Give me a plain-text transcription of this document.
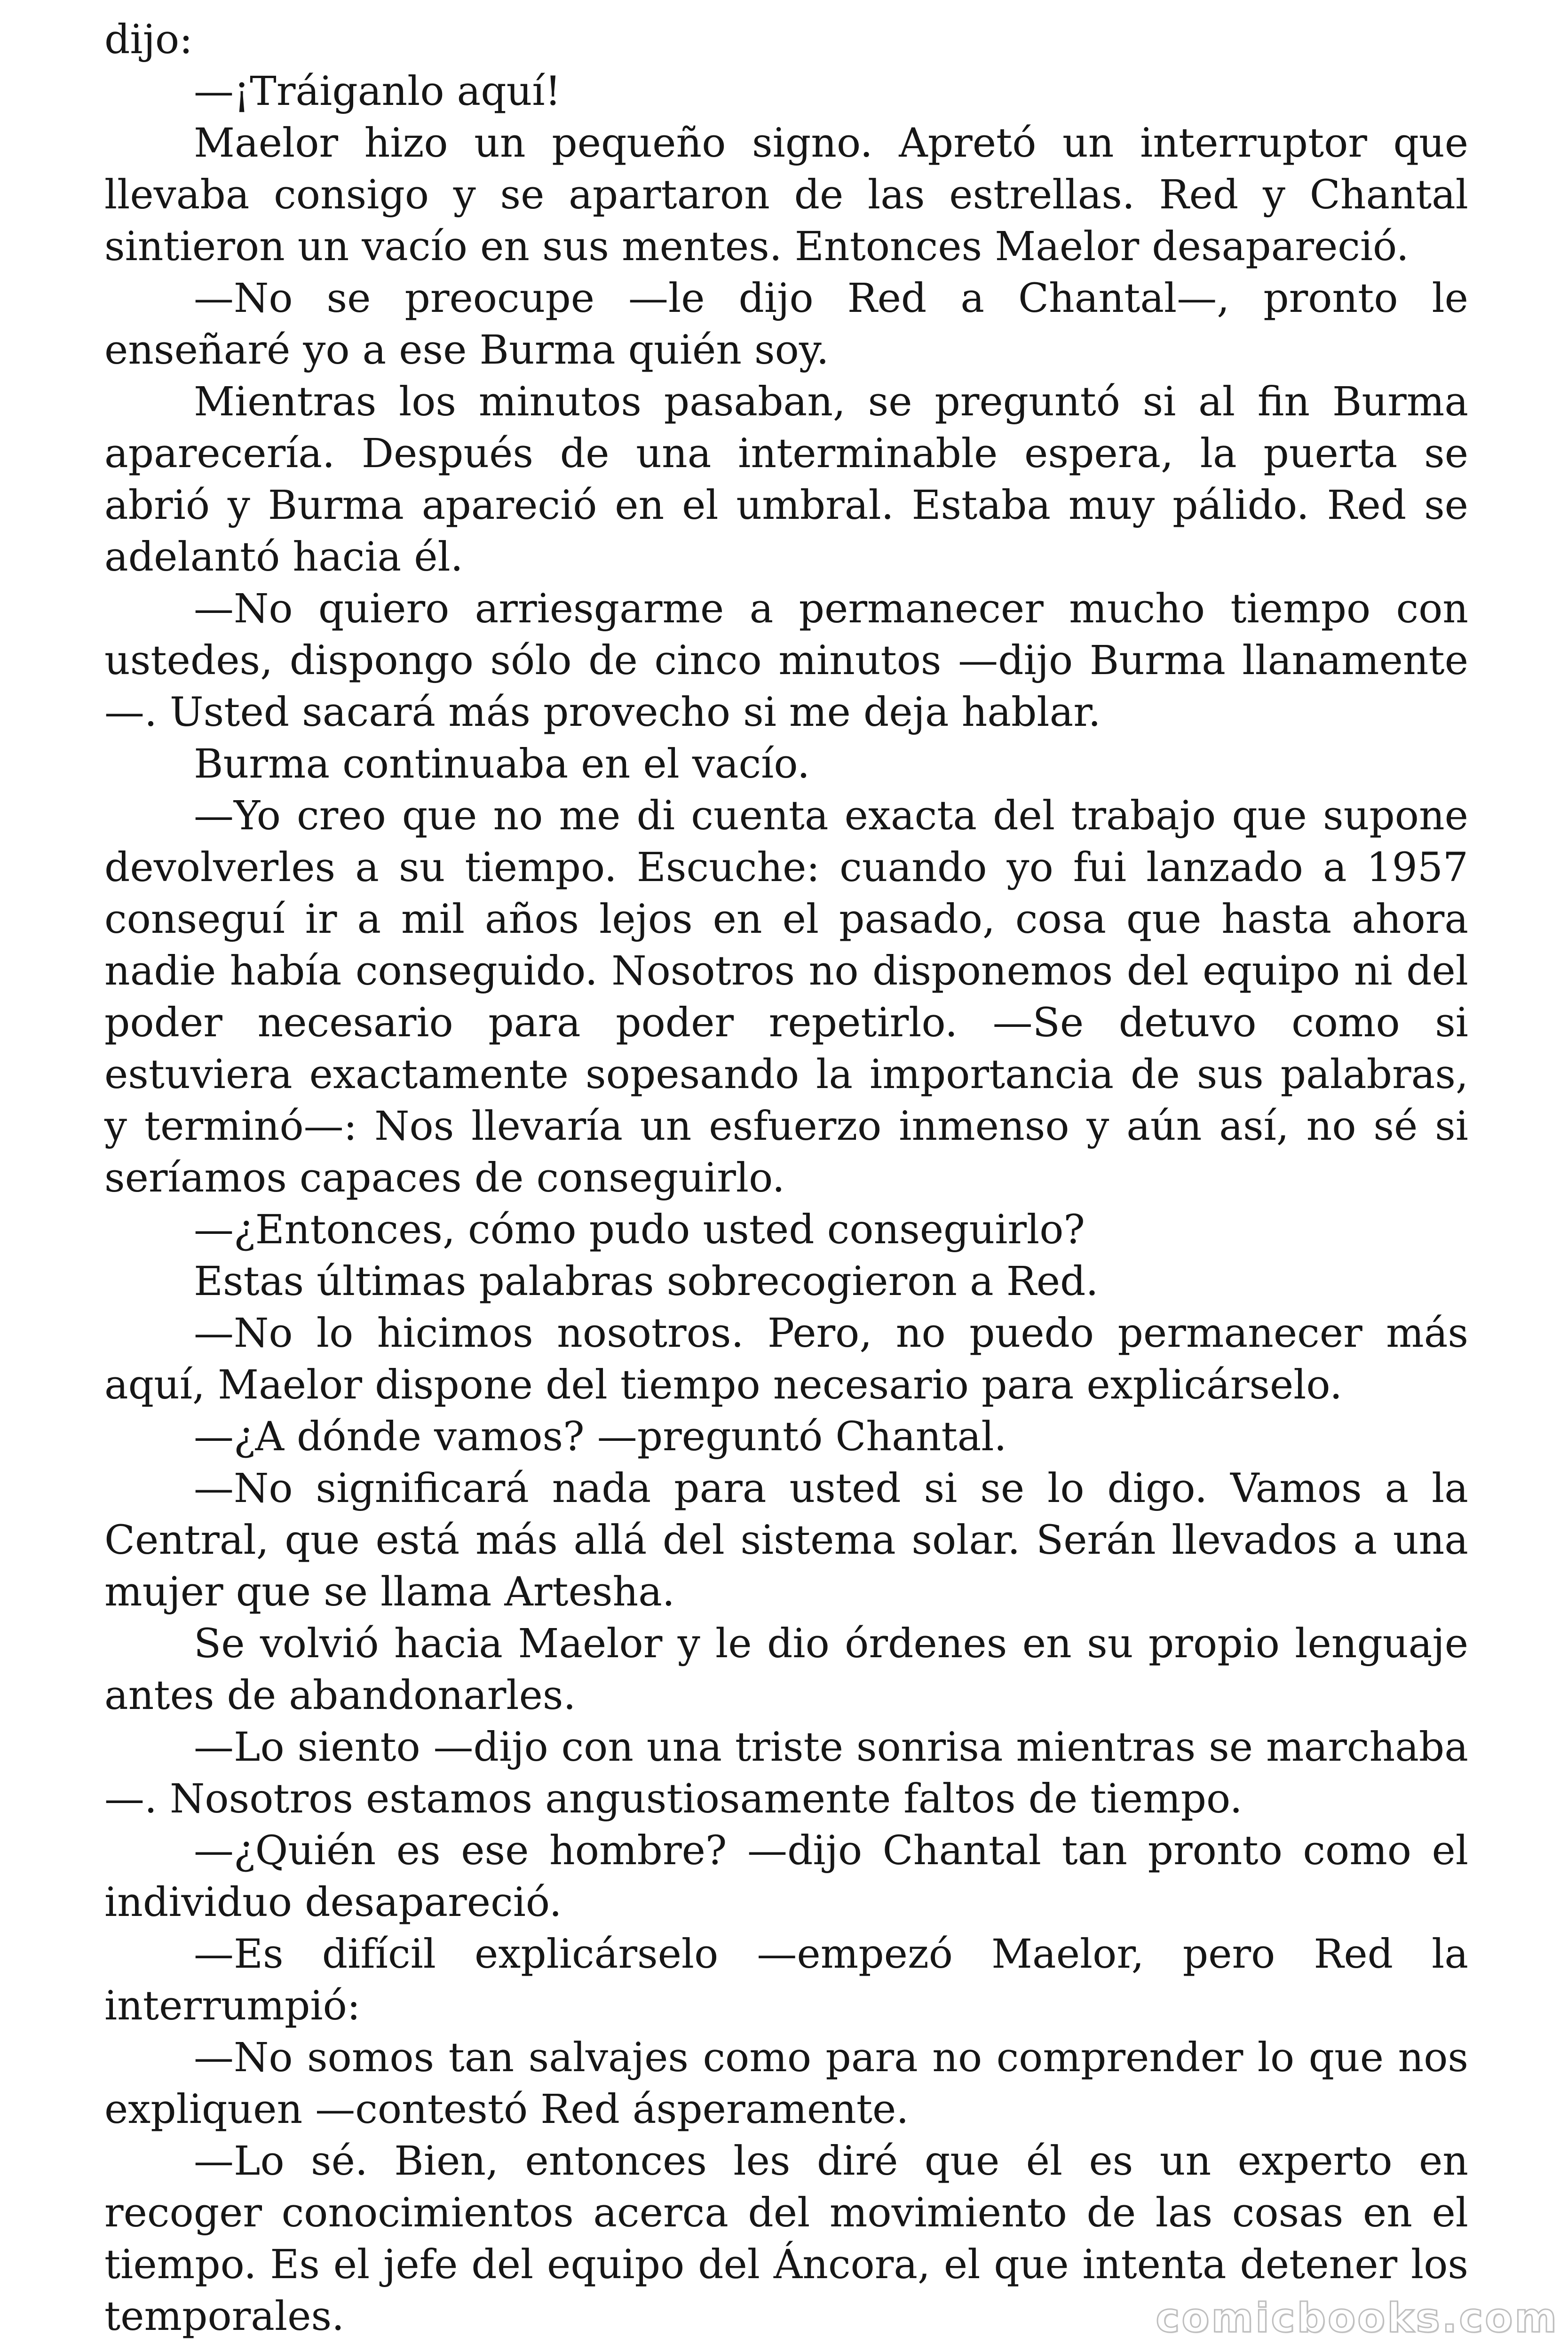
dijo:

—¡Tráiganlo aquí!

Maelor hizo un pequeño signo. Apretó un interruptor que llevaba consigo y se apartaron de las estrellas. Red y Chantal sintieron un vacío en sus mentes. Entonces Maelor desapareció.

—No se preocupe —le dijo Red a Chantal—, pronto le enseñaré yo a ese Burma quién soy.

Mientras los minutos pasaban, se preguntó si al fin Burma aparecería. Después de una interminable espera, la puerta se abrió y Burma apareció en el umbral. Estaba muy pálido. Red se adelantó hacia él.

—No quiero arriesgarme a permanecer mucho tiempo con ustedes, dispongo sólo de cinco minutos —dijo Burma llanamente—. Usted sacará más provecho si me deja hablar.

Burma continuaba en el vacío.

—Yo creo que no me di cuenta exacta del trabajo que supone devolverles a su tiempo. Escuche: cuando yo fui lanzado a 1957 conseguí ir a mil años lejos en el pasado, cosa que hasta ahora nadie había conseguido. Nosotros no disponemos del equipo ni del poder necesario para poder repetirlo. —Se detuvo como si estuviera exactamente sopesando la importancia de sus palabras, y terminó—: Nos llevaría un esfuerzo inmenso y aún así, no sé si seríamos capaces de conseguirlo.

—¿Entonces, cómo pudo usted conseguirlo?

Estas últimas palabras sobrecogieron a Red.

—No lo hicimos nosotros. Pero, no puedo permanecer más aquí, Maelor dispone del tiempo necesario para explicárselo.

—¿A dónde vamos? —preguntó Chantal.

—No significará nada para usted si se lo digo. Vamos a la Central, que está más allá del sistema solar. Serán llevados a una mujer que se llama Artesha.

Se volvió hacia Maelor y le dio órdenes en su propio lenguaje antes de abandonarles.

—Lo siento —dijo con una triste sonrisa mientras se marchaba—. Nosotros estamos angustiosamente faltos de tiempo.

—¿Quién es ese hombre? —dijo Chantal tan pronto como el individuo desapareció.

—Es difícil explicárselo —empezó Maelor, pero Red la interrumpió:

—No somos tan salvajes como para no comprender lo que nos expliquen —contestó Red ásperamente.

—Lo sé. Bien, entonces les diré que él es un experto en recoger conocimientos acerca del movimiento de las cosas en el tiempo. Es el jefe del equipo del Áncora, el que intenta detener los temporales.	comicbooks.com
